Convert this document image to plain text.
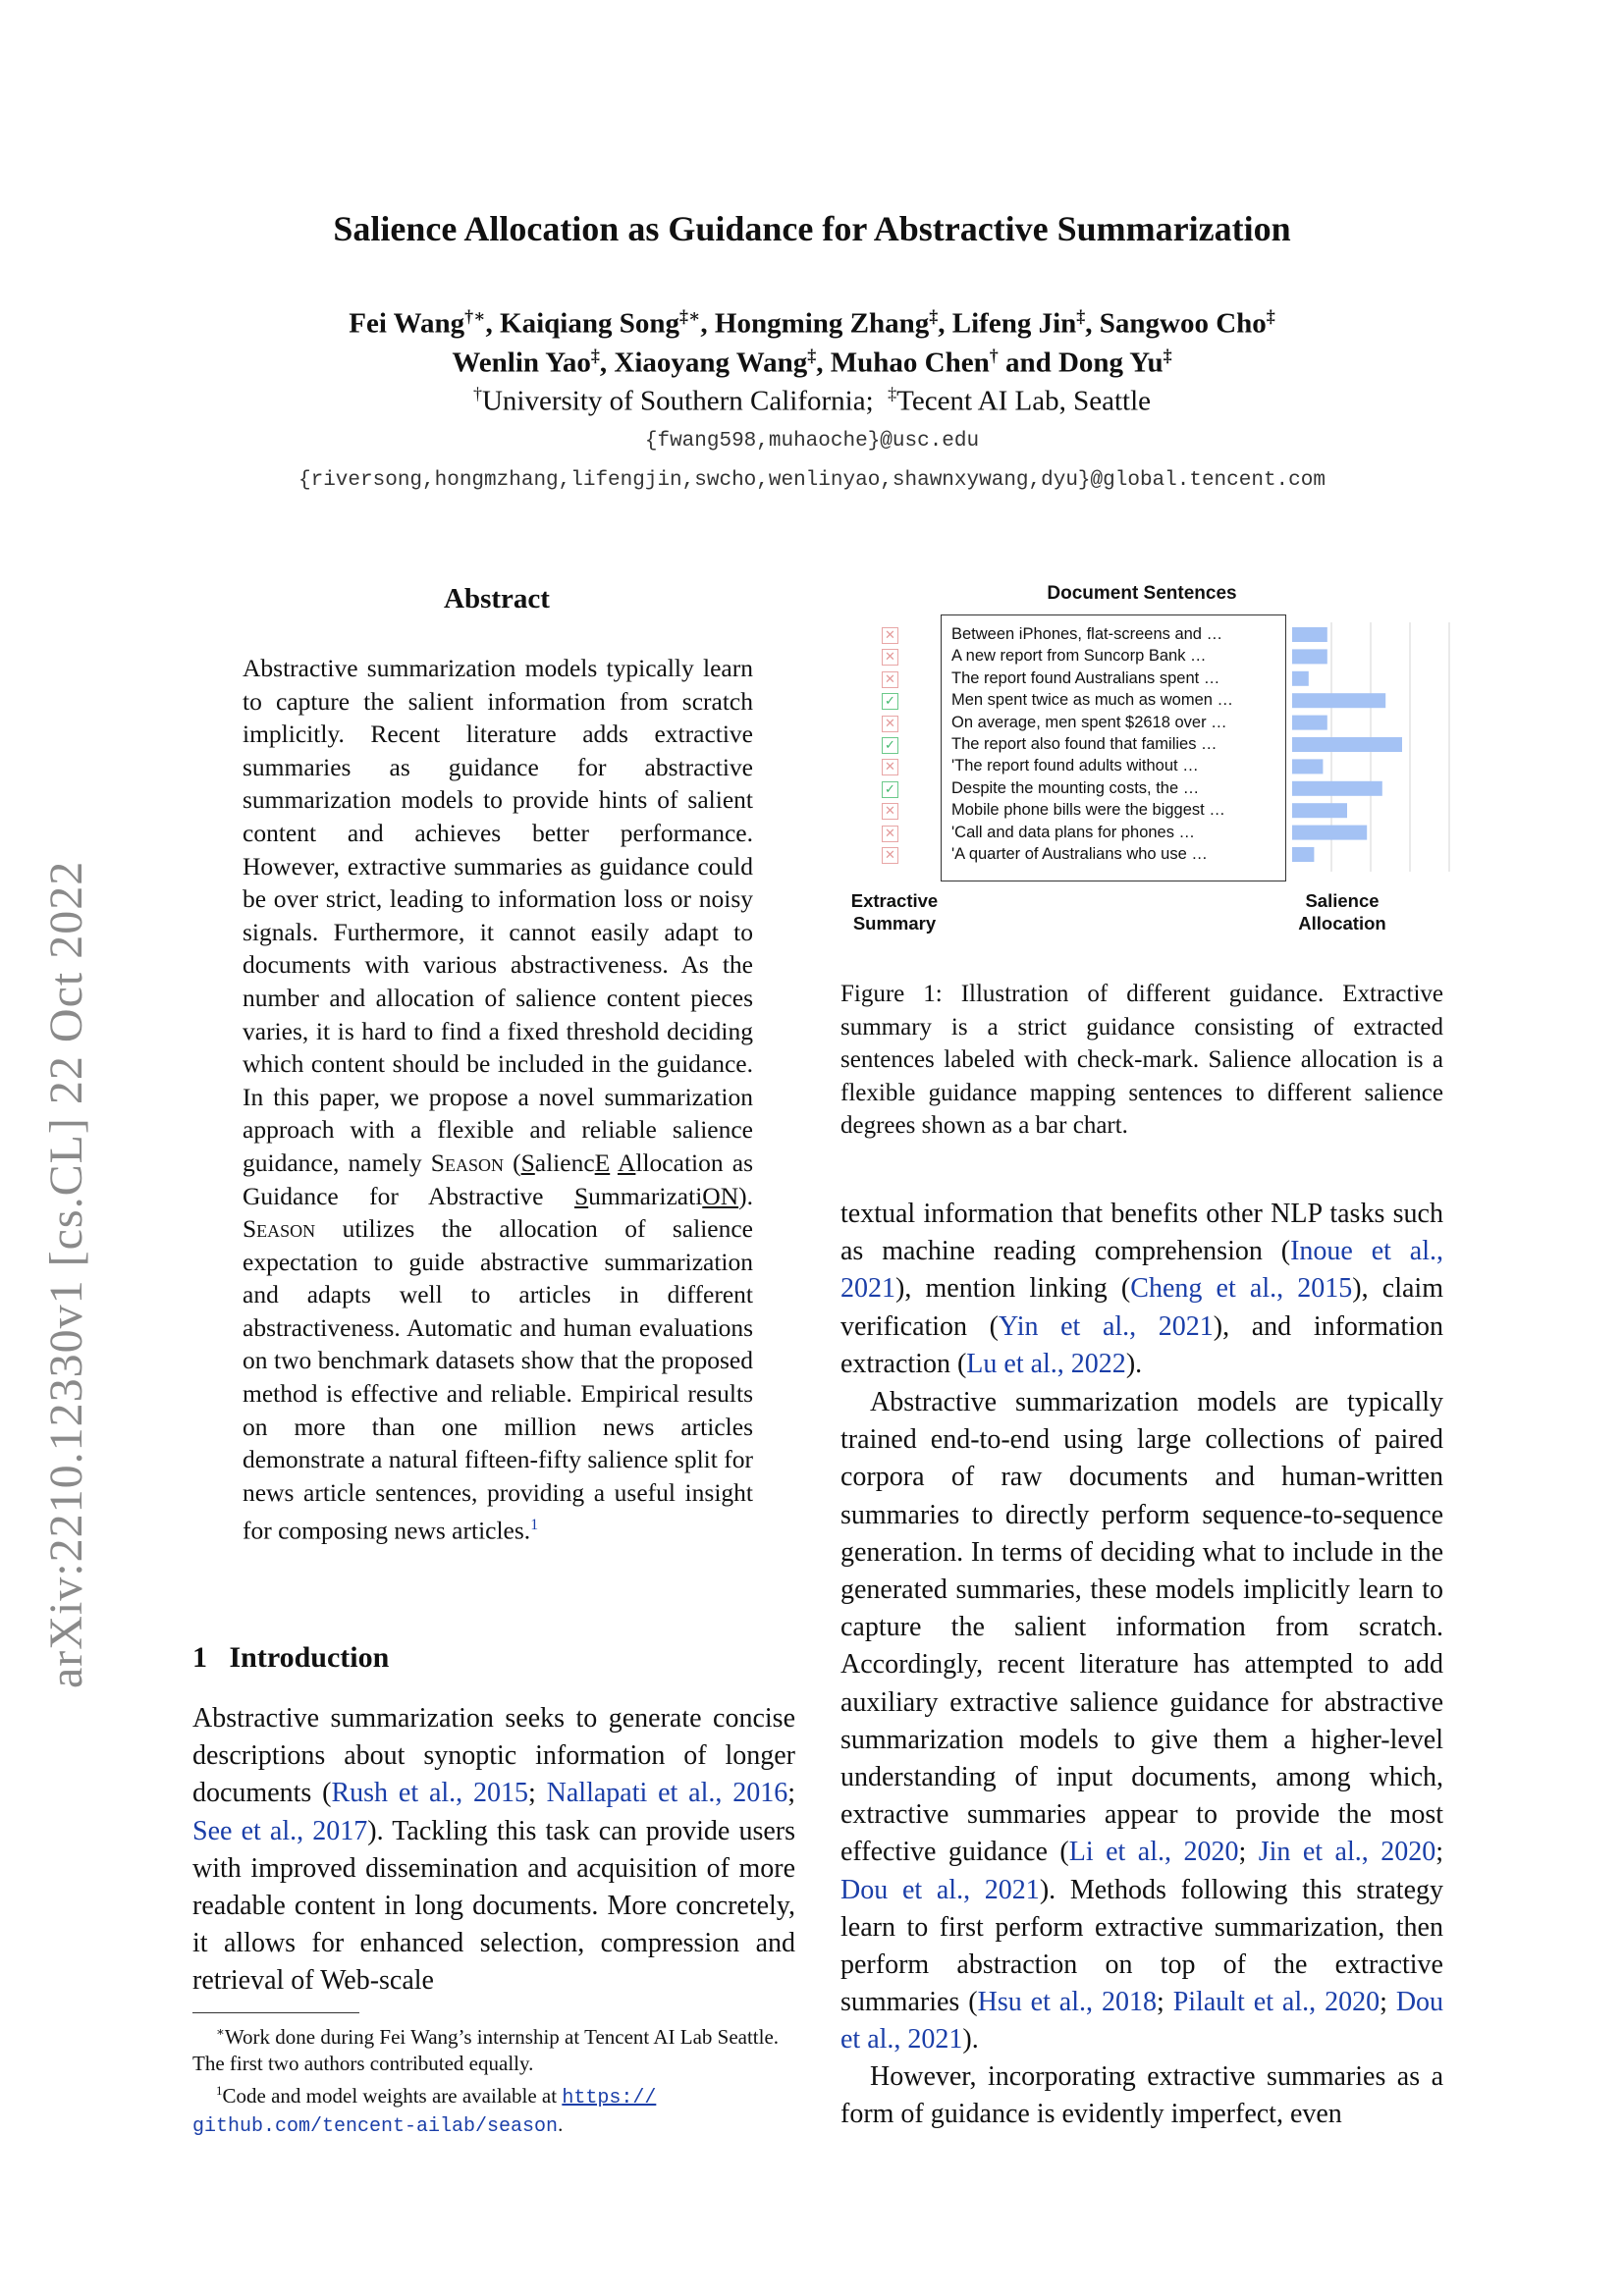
arXiv:2210.12330v1 [cs.CL] 22 Oct 2022
Salience Allocation as Guidance for Abstractive Summarization
Fei Wang†∗, Kaiqiang Song‡∗, Hongming Zhang‡, Lifeng Jin‡, Sangwoo Cho‡
Wenlin Yao‡, Xiaoyang Wang‡, Muhao Chen† and Dong Yu‡
†University of Southern California; ‡Tecent AI Lab, Seattle
{fwang598,muhaoche}@usc.edu
{riversong,hongmzhang,lifengjin,swcho,wenlinyao,shawnxywang,dyu}@global.tencent.com
Abstract
Abstractive summarization models typically learn to capture the salient information from scratch implicitly. Recent literature adds extractive summaries as guidance for abstractive summarization models to provide hints of salient content and achieves better performance. However, extractive summaries as guidance could be over strict, leading to information loss or noisy signals. Furthermore, it cannot easily adapt to documents with various abstractiveness. As the number and allocation of salience content pieces varies, it is hard to find a fixed threshold deciding which content should be included in the guidance. In this paper, we propose a novel summarization approach with a flexible and reliable salience guidance, namely Season (SaliencE Allocation as Guidance for Abstractive SummarizatiON). Season utilizes the allocation of salience expectation to guide abstractive summarization and adapts well to articles in different abstractiveness. Automatic and human evaluations on two benchmark datasets show that the proposed method is effective and reliable. Empirical results on more than one million news articles demonstrate a natural fifteen-fifty salience split for news article sentences, providing a useful insight for composing news articles.$^1$
1 Introduction
Abstractive summarization seeks to generate concise descriptions about synoptic information of longer documents (Rush et al., 2015; Nallapati et al., 2016; See et al., 2017). Tackling this task can provide users with improved dissemination and acquisition of more readable content in long documents. More concretely, it allows for enhanced selection, compression and retrieval of Web-scale
∗Work done during Fei Wang’s internship at Tencent AI Lab Seattle. The first two authors contributed equally.
$^1$Code and model weights are available at https://
github.com/tencent-ailab/season.
Document Sentences
Between iPhones, flat-screens and …
A new report from Suncorp Bank …
The report found Australians spent …
Men spent twice as much as women …
On average, men spent $2618 over …
The report also found that families …
'The report found adults without …
Despite the mounting costs, the …
Mobile phone bills were the biggest …
'Call and data plans for phones …
'A quarter of Australians who use …
✕
✕
✕
✓
✕
✓
✕
✓
✕
✕
✕
Extractive
Summary
Salience
Allocation
Figure 1: Illustration of different guidance. Extractive summary is a strict guidance consisting of extracted sentences labeled with check-mark. Salience allocation is a flexible guidance mapping sentences to different salience degrees shown as a bar chart.
textual information that benefits other NLP tasks such as machine reading comprehension (Inoue et al., 2021), mention linking (Cheng et al., 2015), claim verification (Yin et al., 2021), and information extraction (Lu et al., 2022).
Abstractive summarization models are typically trained end-to-end using large collections of paired corpora of raw documents and human-written summaries to directly perform sequence-to-sequence generation. In terms of deciding what to include in the generated summaries, these models implicitly learn to capture the salient information from scratch. Accordingly, recent literature has attempted to add auxiliary extractive salience guidance for abstractive summarization models to give them a higher-level understanding of input documents, among which, extractive summaries appear to provide the most effective guidance (Li et al., 2020; Jin et al., 2020; Dou et al., 2021). Methods following this strategy learn to first perform extractive summarization, then perform abstraction on top of the extractive summaries (Hsu et al., 2018; Pilault et al., 2020; Dou et al., 2021).
However, incorporating extractive summaries as a form of guidance is evidently imperfect, even
